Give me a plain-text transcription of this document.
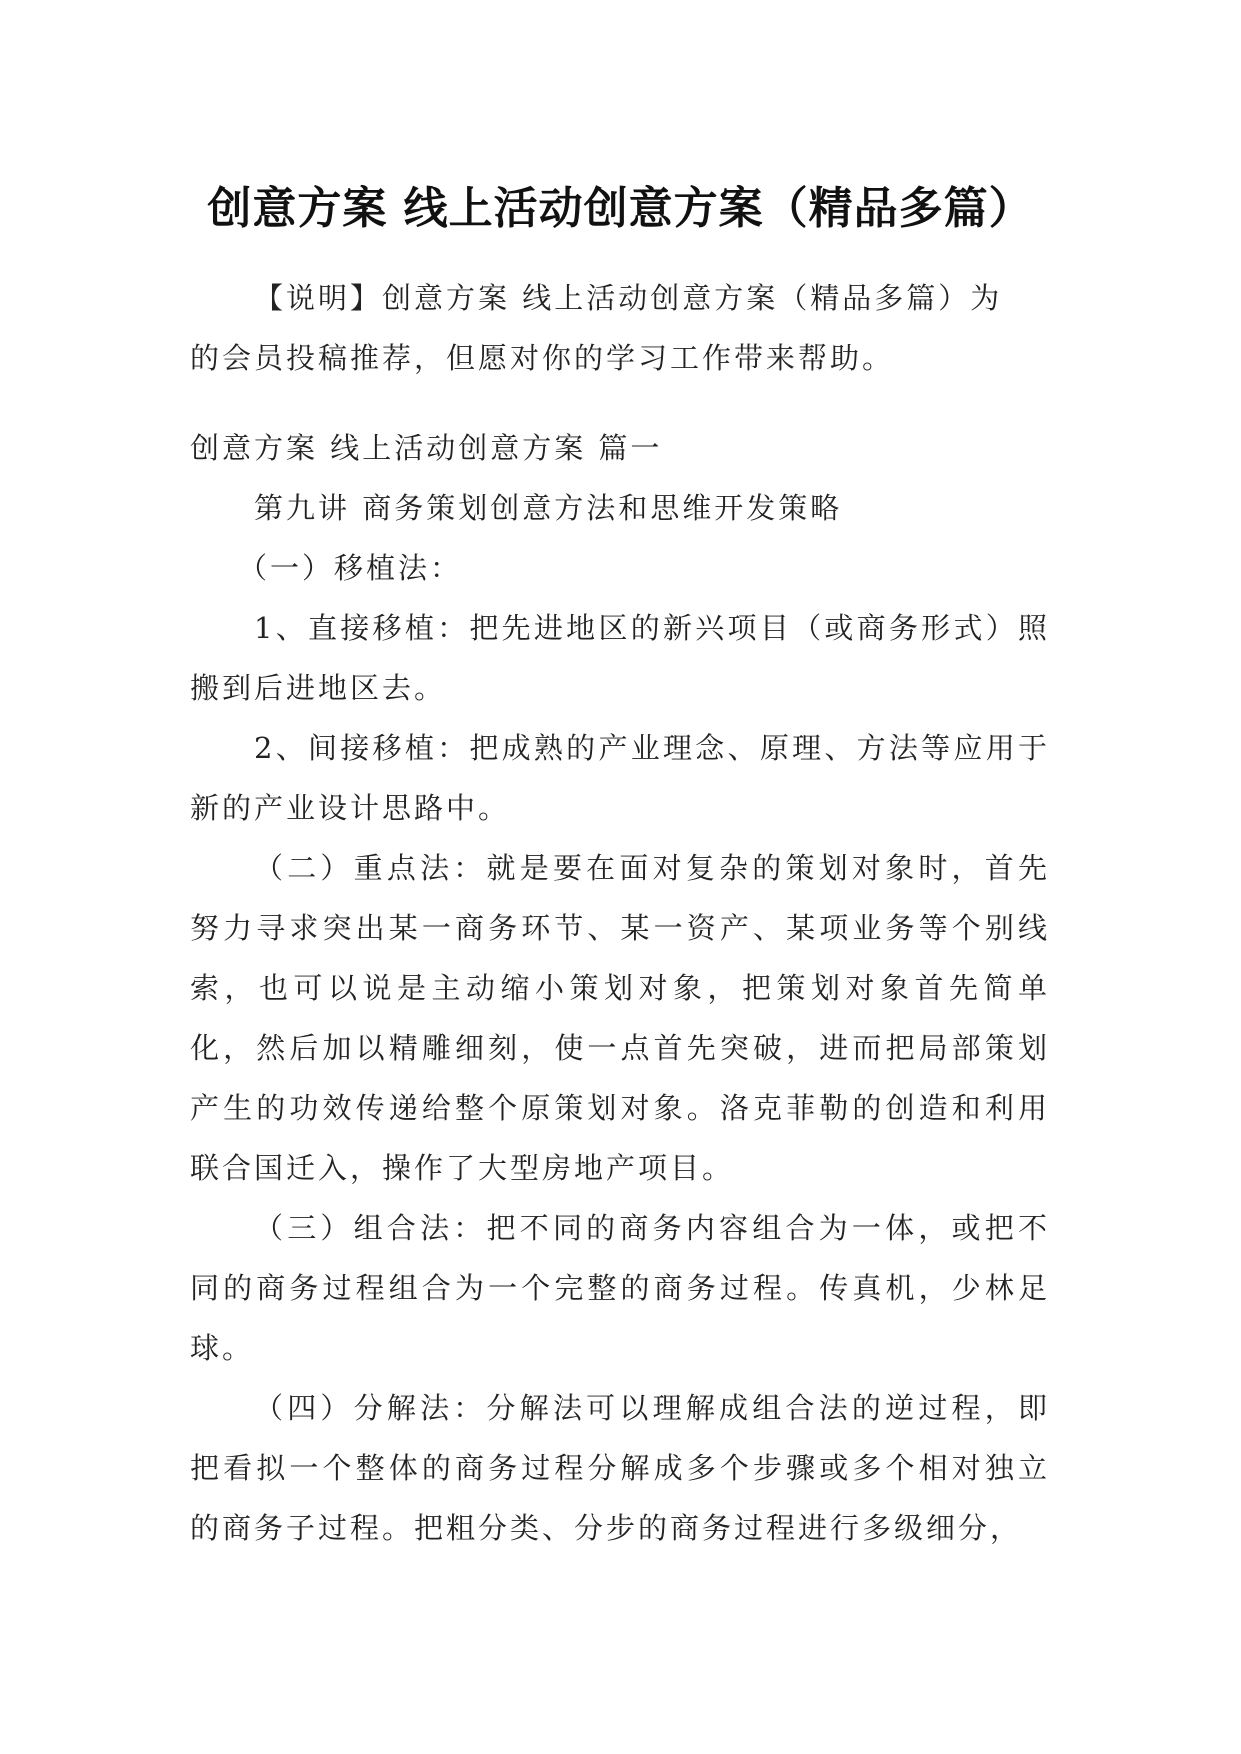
创意方案 线上活动创意方案（精品多篇）

【说明】创意方案 线上活动创意方案（精品多篇）为
的会员投稿推荐，但愿对你的学习工作带来帮助。

创意方案 线上活动创意方案 篇一

第九讲 商务策划创意方法和思维开发策略

（一）移植法：

1、直接移植：把先进地区的新兴项目（或商务形式）照搬到后进地区去。

2、间接移植：把成熟的产业理念、原理、方法等应用于新的产业设计思路中。

（二）重点法：就是要在面对复杂的策划对象时，首先努力寻求突出某一商务环节、某一资产、某项业务等个别线索，也可以说是主动缩小策划对象，把策划对象首先简单化，然后加以精雕细刻，使一点首先突破，进而把局部策划产生的功效传递给整个原策划对象。洛克菲勒的创造和利用联合国迁入，操作了大型房地产项目。

（三）组合法：把不同的商务内容组合为一体，或把不同的商务过程组合为一个完整的商务过程。传真机，少林足球。

（四）分解法：分解法可以理解成组合法的逆过程，即把看拟一个整体的商务过程分解成多个步骤或多个相对独立的商务子过程。把粗分类、分步的商务过程进行多级细分，
